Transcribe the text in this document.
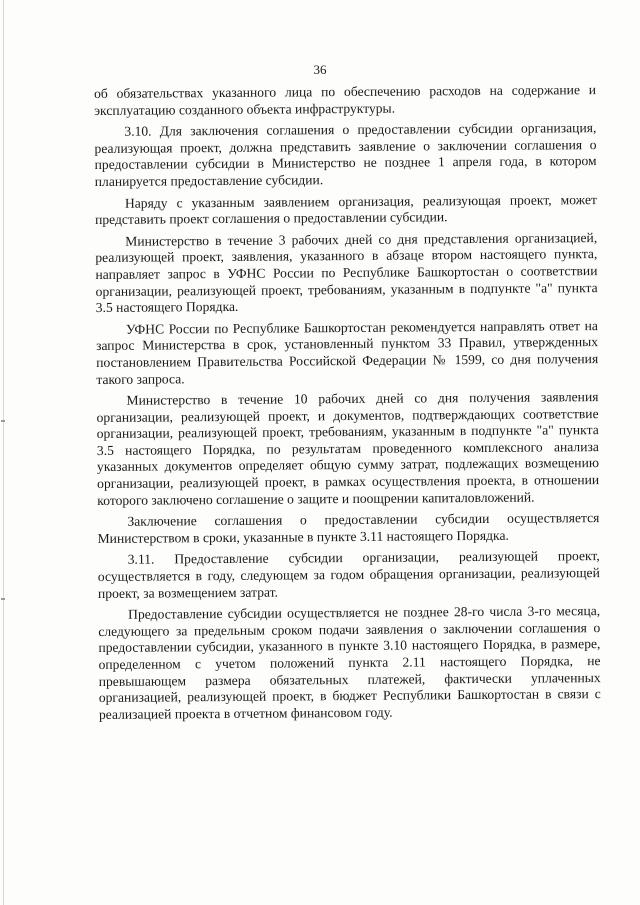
36

об обязательствах указанного лица по обеспечению расходов на содержание и эксплуатацию созданного объекта инфраструктуры.

3.10. Для заключения соглашения о предоставлении субсидии организация, реализующая проект, должна представить заявление о заключении соглашения о предоставлении субсидии в Министерство не позднее 1 апреля года, в котором планируется предоставление субсидии.

Наряду с указанным заявлением организация, реализующая проект, может представить проект соглашения о предоставлении субсидии.

Министерство в течение 3 рабочих дней со дня представления организацией, реализующей проект, заявления, указанного в абзаце втором настоящего пункта, направляет запрос в УФНС России по Республике Башкортостан о соответствии организации, реализующей проект, требованиям, указанным в подпункте "а" пункта 3.5 настоящего Порядка.

УФНС России по Республике Башкортостан рекомендуется направлять ответ на запрос Министерства в срок, установленный пунктом 33 Правил, утвержденных постановлением Правительства Российской Федерации № 1599, со дня получения такого запроса.

Министерство в течение 10 рабочих дней со дня получения заявления организации, реализующей проект, и документов, подтверждающих соответствие организации, реализующей проект, требованиям, указанным в подпункте "а" пункта 3.5 настоящего Порядка, по результатам проведенного комплексного анализа указанных документов определяет общую сумму затрат, подлежащих возмещению организации, реализующей проект, в рамках осуществления проекта, в отношении которого заключено соглашение о защите и поощрении капиталовложений.

Заключение соглашения о предоставлении субсидии осуществляется Министерством в сроки, указанные в пункте 3.11 настоящего Порядка.

3.11. Предоставление субсидии организации, реализующей проект, осуществляется в году, следующем за годом обращения организации, реализующей проект, за возмещением затрат.

Предоставление субсидии осуществляется не позднее 28-го числа 3-го месяца, следующего за предельным сроком подачи заявления о заключении соглашения о предоставлении субсидии, указанного в пункте 3.10 настоящего Порядка, в размере, определенном с учетом положений пункта 2.11 настоящего Порядка, не превышающем размера обязательных платежей, фактически уплаченных организацией, реализующей проект, в бюджет Республики Башкортостан в связи с реализацией проекта в отчетном финансовом году.
